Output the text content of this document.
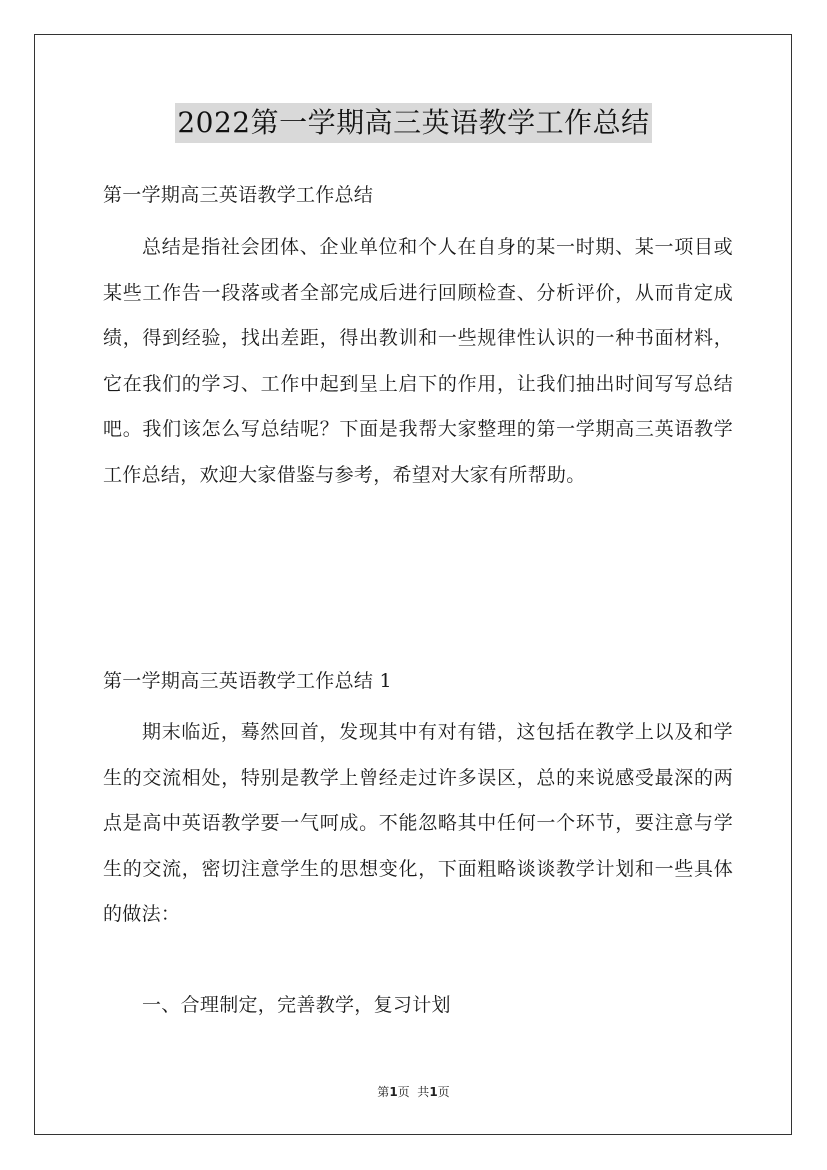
2022第一学期高三英语教学工作总结

第一学期高三英语教学工作总结

总结是指社会团体、企业单位和个人在自身的某一时期、某一项目或某些工作告一段落或者全部完成后进行回顾检查、分析评价，从而肯定成绩，得到经验，找出差距，得出教训和一些规律性认识的一种书面材料，它在我们的学习、工作中起到呈上启下的作用，让我们抽出时间写写总结吧。我们该怎么写总结呢？下面是我帮大家整理的第一学期高三英语教学工作总结，欢迎大家借鉴与参考，希望对大家有所帮助。

第一学期高三英语教学工作总结 1

期末临近，蓦然回首，发现其中有对有错，这包括在教学上以及和学生的交流相处，特别是教学上曾经走过许多误区，总的来说感受最深的两点是高中英语教学要一气呵成。不能忽略其中任何一个环节，要注意与学生的交流，密切注意学生的思想变化，下面粗略谈谈教学计划和一些具体的做法：

一、合理制定，完善教学，复习计划

第1页  共1页
